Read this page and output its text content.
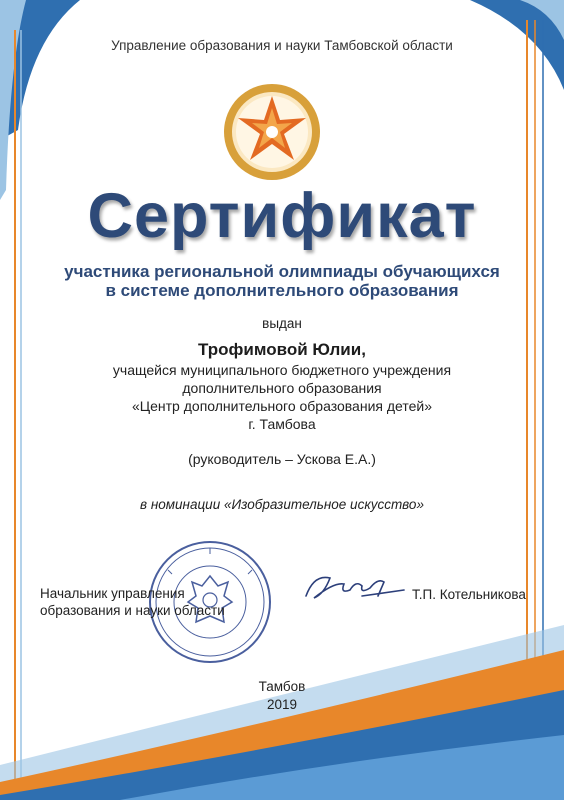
Управление образования и науки Тамбовской области
Сертификат
участника региональной олимпиады обучающихся
в системе дополнительного образования
выдан
Трофимовой Юлии,
учащейся муниципального бюджетного учреждения
дополнительного образования
«Центр дополнительного образования детей»
г. Тамбова
(руководитель – Ускова Е.А.)
в номинации «Изобразительное искусство»
Начальник управления
образования и науки области
Т.П. Котельникова
Тамбов
2019
